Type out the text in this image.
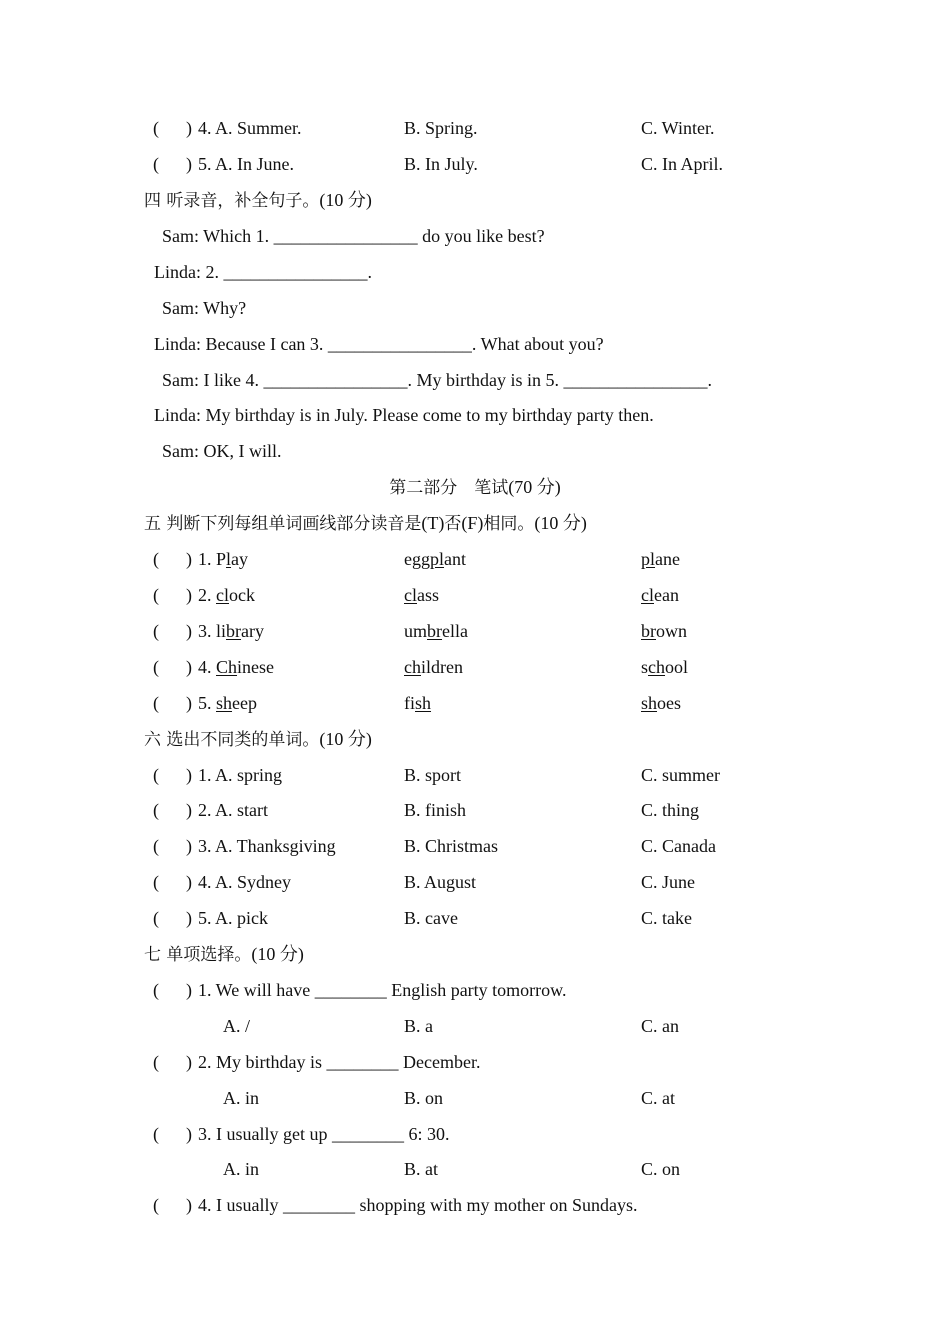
(      ) 4. A. Summer.	B. Spring.	C. Winter.
(      ) 5. A. In June.	B. In July.	C. In April.
四 听录音，补全句子。(10 分)
Sam: Which 1. ________________ do you like best?
Linda: 2. ________________.
Sam: Why?
Linda: Because I can 3. ________________. What about you?
Sam: I like 4. ________________. My birthday is in 5. ________________.
Linda: My birthday is in July. Please come to my birthday party then.
Sam: OK, I will.
第二部分　笔试(70 分)
五 判断下列每组单词画线部分读音是(T)否(F)相同。(10 分)
(      ) 1. Play	eggplant	plane
(      ) 2. clock	class	clean
(      ) 3. library	umbrella	brown
(      ) 4. Chinese	children	school
(      ) 5. sheep	fish	shoes
六 选出不同类的单词。(10 分)
(      ) 1. A. spring	B. sport	C. summer
(      ) 2. A. start	B. finish	C. thing
(      ) 3. A. Thanksgiving	B. Christmas	C. Canada
(      ) 4. A. Sydney	B. August	C. June
(      ) 5. A. pick	B. cave	C. take
七 单项选择。(10 分)
(      ) 1. We will have ________ English party tomorrow.
A. /	B. a	C. an
(      ) 2. My birthday is ________ December.
A. in	B. on	C. at
(      ) 3. I usually get up ________ 6: 30.
A. in	B. at	C. on
(      ) 4. I usually ________ shopping with my mother on Sundays.
